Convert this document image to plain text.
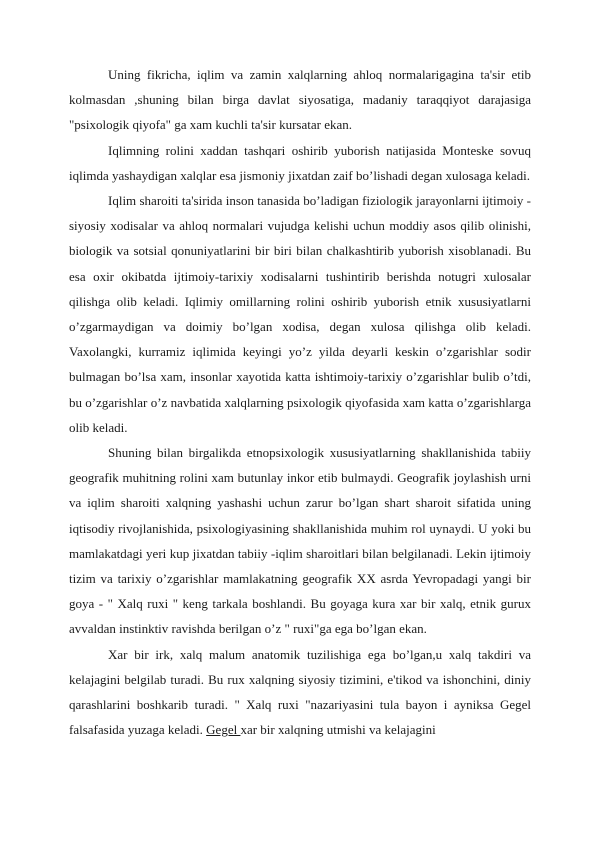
Uning fikricha, iqlim va zamin xalqlarning ahloq normalarigagina ta'sir etib kolmasdan ,shuning bilan birga davlat siyosatiga, madaniy taraqqiyot darajasiga "psixologik qiyofa" ga xam kuchli ta'sir kursatar ekan.

Iqlimning rolini xaddan tashqari oshirib yuborish natijasida Monteske sovuq iqlimda yashaydigan xalqlar esa jismoniy jixatdan zaif bo’lishadi degan xulosaga keladi.

Iqlim sharoiti ta'sirida inson tanasida bo’ladigan fiziologik jarayonlarni ijtimoiy -siyosiy xodisalar va ahloq normalari vujudga kelishi uchun moddiy asos qilib olinishi, biologik va sotsial qonuniyatlarini bir biri bilan chalkashtirib yuborish xisoblanadi. Bu esa oxir okibatda ijtimoiy-tarixiy xodisalarni tushintirib berishda notugri xulosalar qilishga olib keladi. Iqlimiy omillarning rolini oshirib yuborish etnik xususiyatlarni o’zgarmaydigan va doimiy bo’lgan xodisa, degan xulosa qilishga olib keladi. Vaxolangki, kurramiz iqlimida keyingi yo’z yilda deyarli keskin o’zgarishlar sodir bulmagan bo’lsa xam, insonlar xayotida katta ishtimoiy-tarixiy o’zgarishlar bulib o’tdi, bu o’zgarishlar o’z navbatida xalqlarning psixologik qiyofasida xam katta o’zgarishlarga olib keladi.

Shuning bilan birgalikda etnopsixologik xususiyatlarning shakllanishida tabiiy geografik muhitning rolini xam butunlay inkor etib bulmaydi. Geografik joylashish urni va iqlim sharoiti xalqning yashashi uchun zarur bo’lgan shart sharoit sifatida uning iqtisodiy rivojlanishida, psixologiyasining shakllanishida muhim rol uynaydi. U yoki bu mamlakatdagi yeri kup jixatdan tabiiy -iqlim sharoitlari bilan belgilanadi. Lekin ijtimoiy tizim va tarixiy o’zgarishlar mamlakatning geografik XX asrda Yevropadagi yangi bir goya - " Xalq ruxi " keng tarkala boshlandi. Bu goyaga kura xar bir xalq, etnik gurux avvaldan instinktiv ravishda berilgan o’z " ruxi"ga ega bo’lgan ekan.

Xar bir irk, xalq malum anatomik tuzilishiga ega bo’lgan,u xalq takdiri va kelajagini belgilab turadi. Bu rux xalqning siyosiy tizimini, e'tikod va ishonchini, diniy qarashlarini boshkarib turadi. " Xalq ruxi "nazariyasini tula bayon i ayniksa Gegel falsafasida yuzaga keladi. Gegel xar bir xalqning utmishi va kelajagini
